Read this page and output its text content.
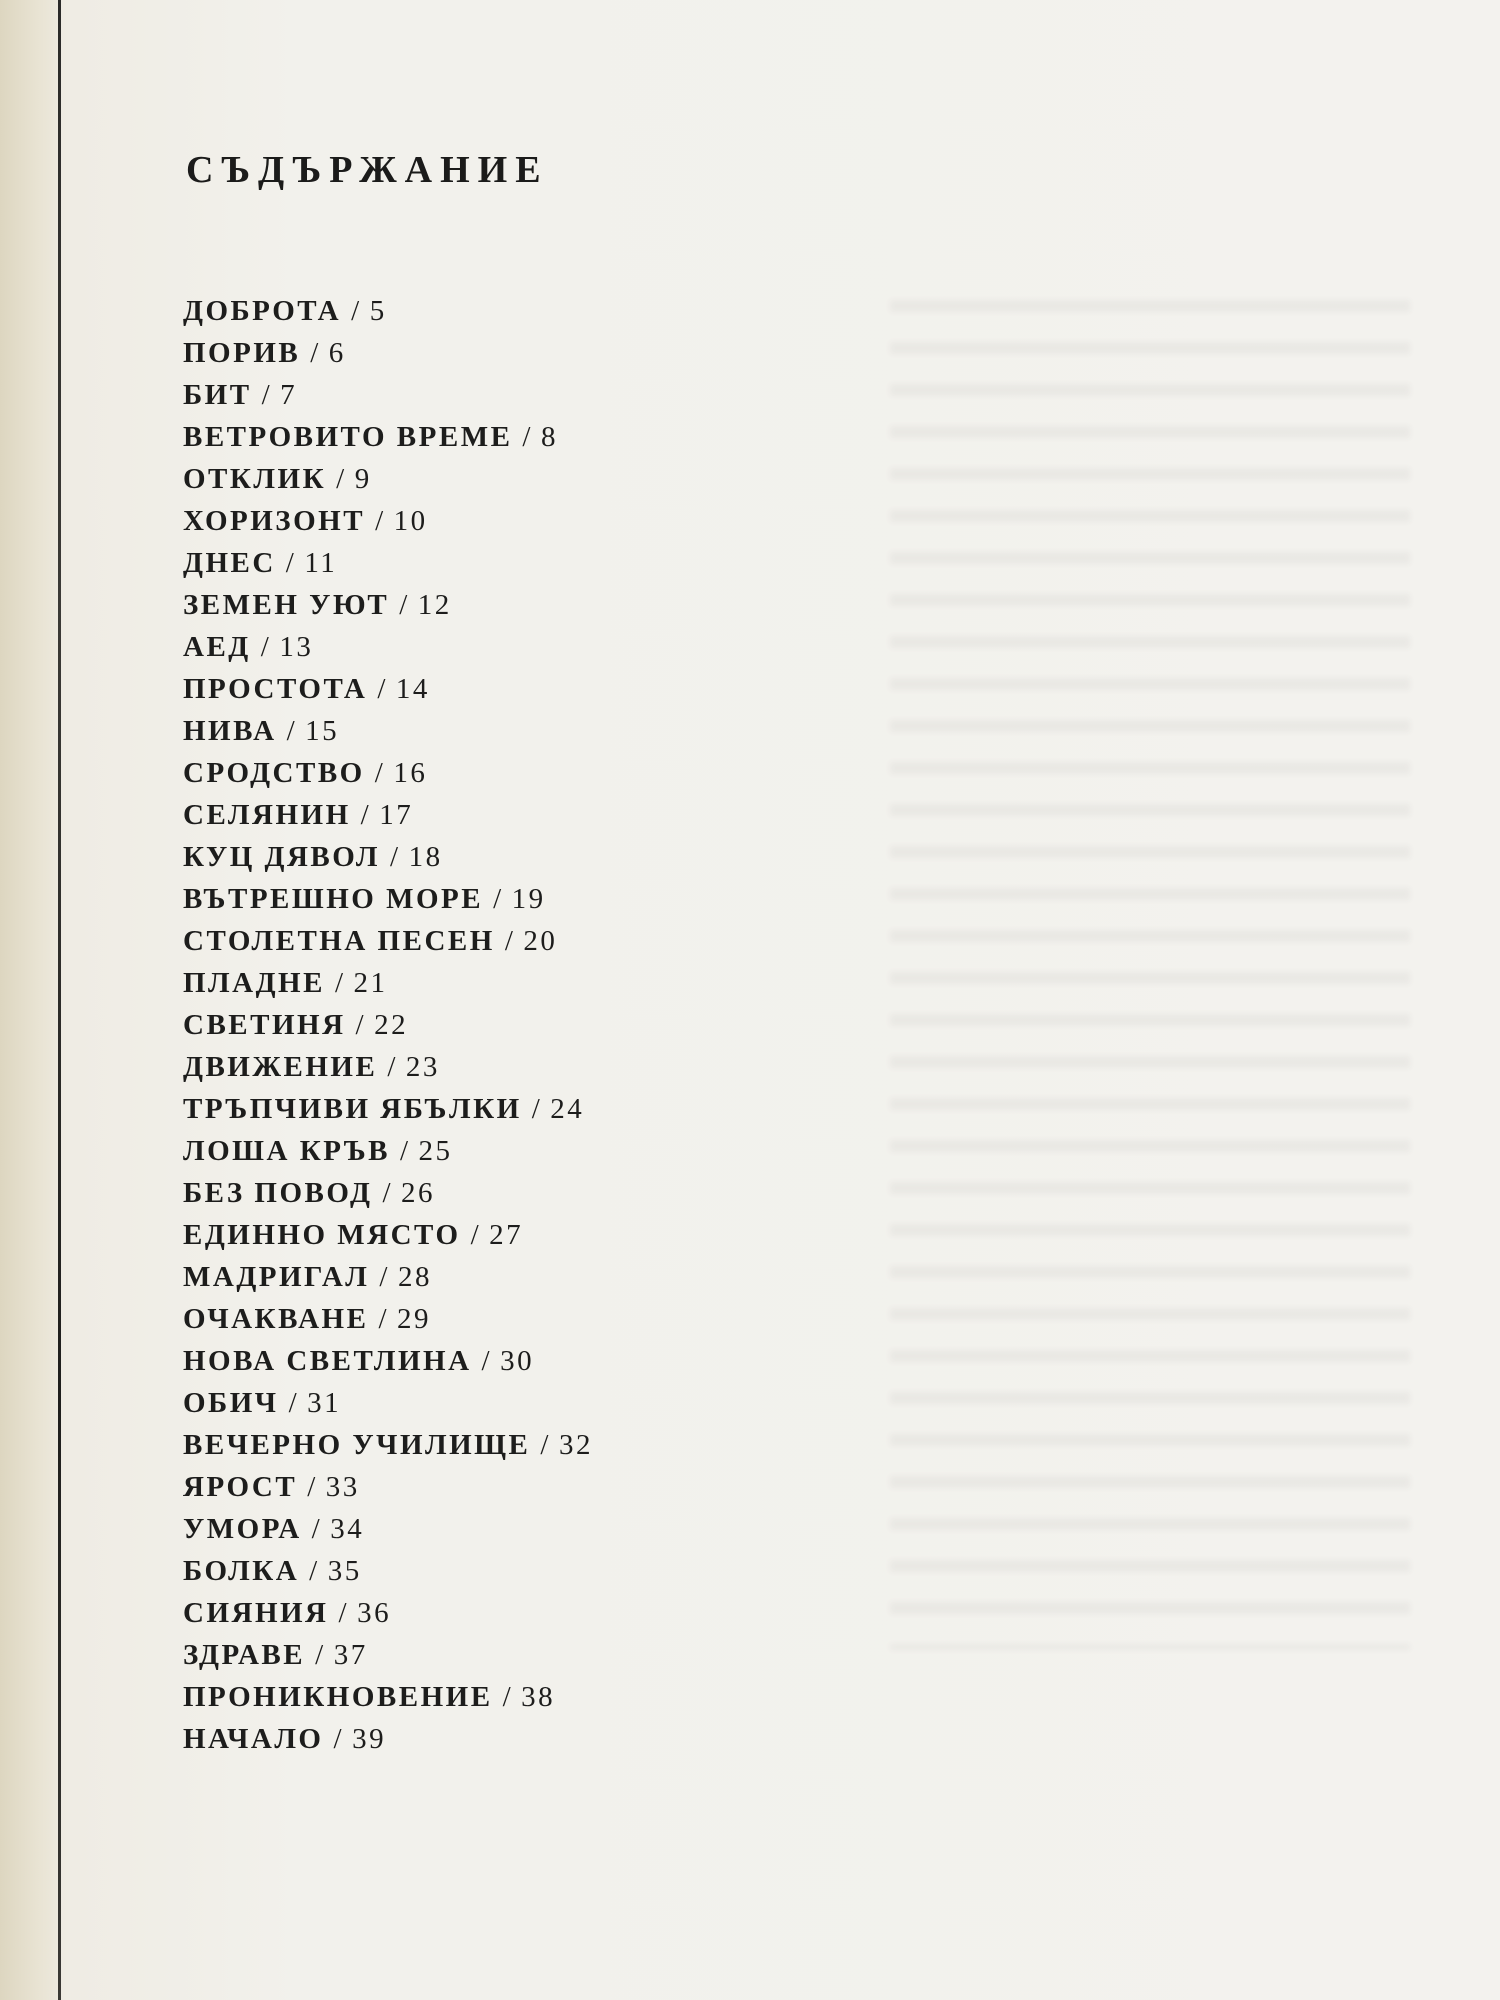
СЪДЪРЖАНИЕ
ДОБРОТА / 5
ПОРИВ / 6
БИТ / 7
ВЕТРОВИТО ВРЕМЕ / 8
ОТКЛИК / 9
ХОРИЗОНТ / 10
ДНЕС / 11
ЗЕМЕН УЮТ / 12
АЕД / 13
ПРОСТОТА / 14
НИВА / 15
СРОДСТВО / 16
СЕЛЯНИН / 17
КУЦ ДЯВОЛ / 18
ВЪТРЕШНО МОРЕ / 19
СТОЛЕТНА ПЕСЕН / 20
ПЛАДНЕ / 21
СВЕТИНЯ / 22
ДВИЖЕНИЕ / 23
ТРЪПЧИВИ ЯБЪЛКИ / 24
ЛОША КРЪВ / 25
БЕЗ ПОВОД / 26
ЕДИННО МЯСТО / 27
МАДРИГАЛ / 28
ОЧАКВАНЕ / 29
НОВА СВЕТЛИНА / 30
ОБИЧ / 31
ВЕЧЕРНО УЧИЛИЩЕ / 32
ЯРОСТ / 33
УМОРА / 34
БОЛКА / 35
СИЯНИЯ / 36
ЗДРАВЕ / 37
ПРОНИКНОВЕНИЕ / 38
НАЧАЛО / 39
